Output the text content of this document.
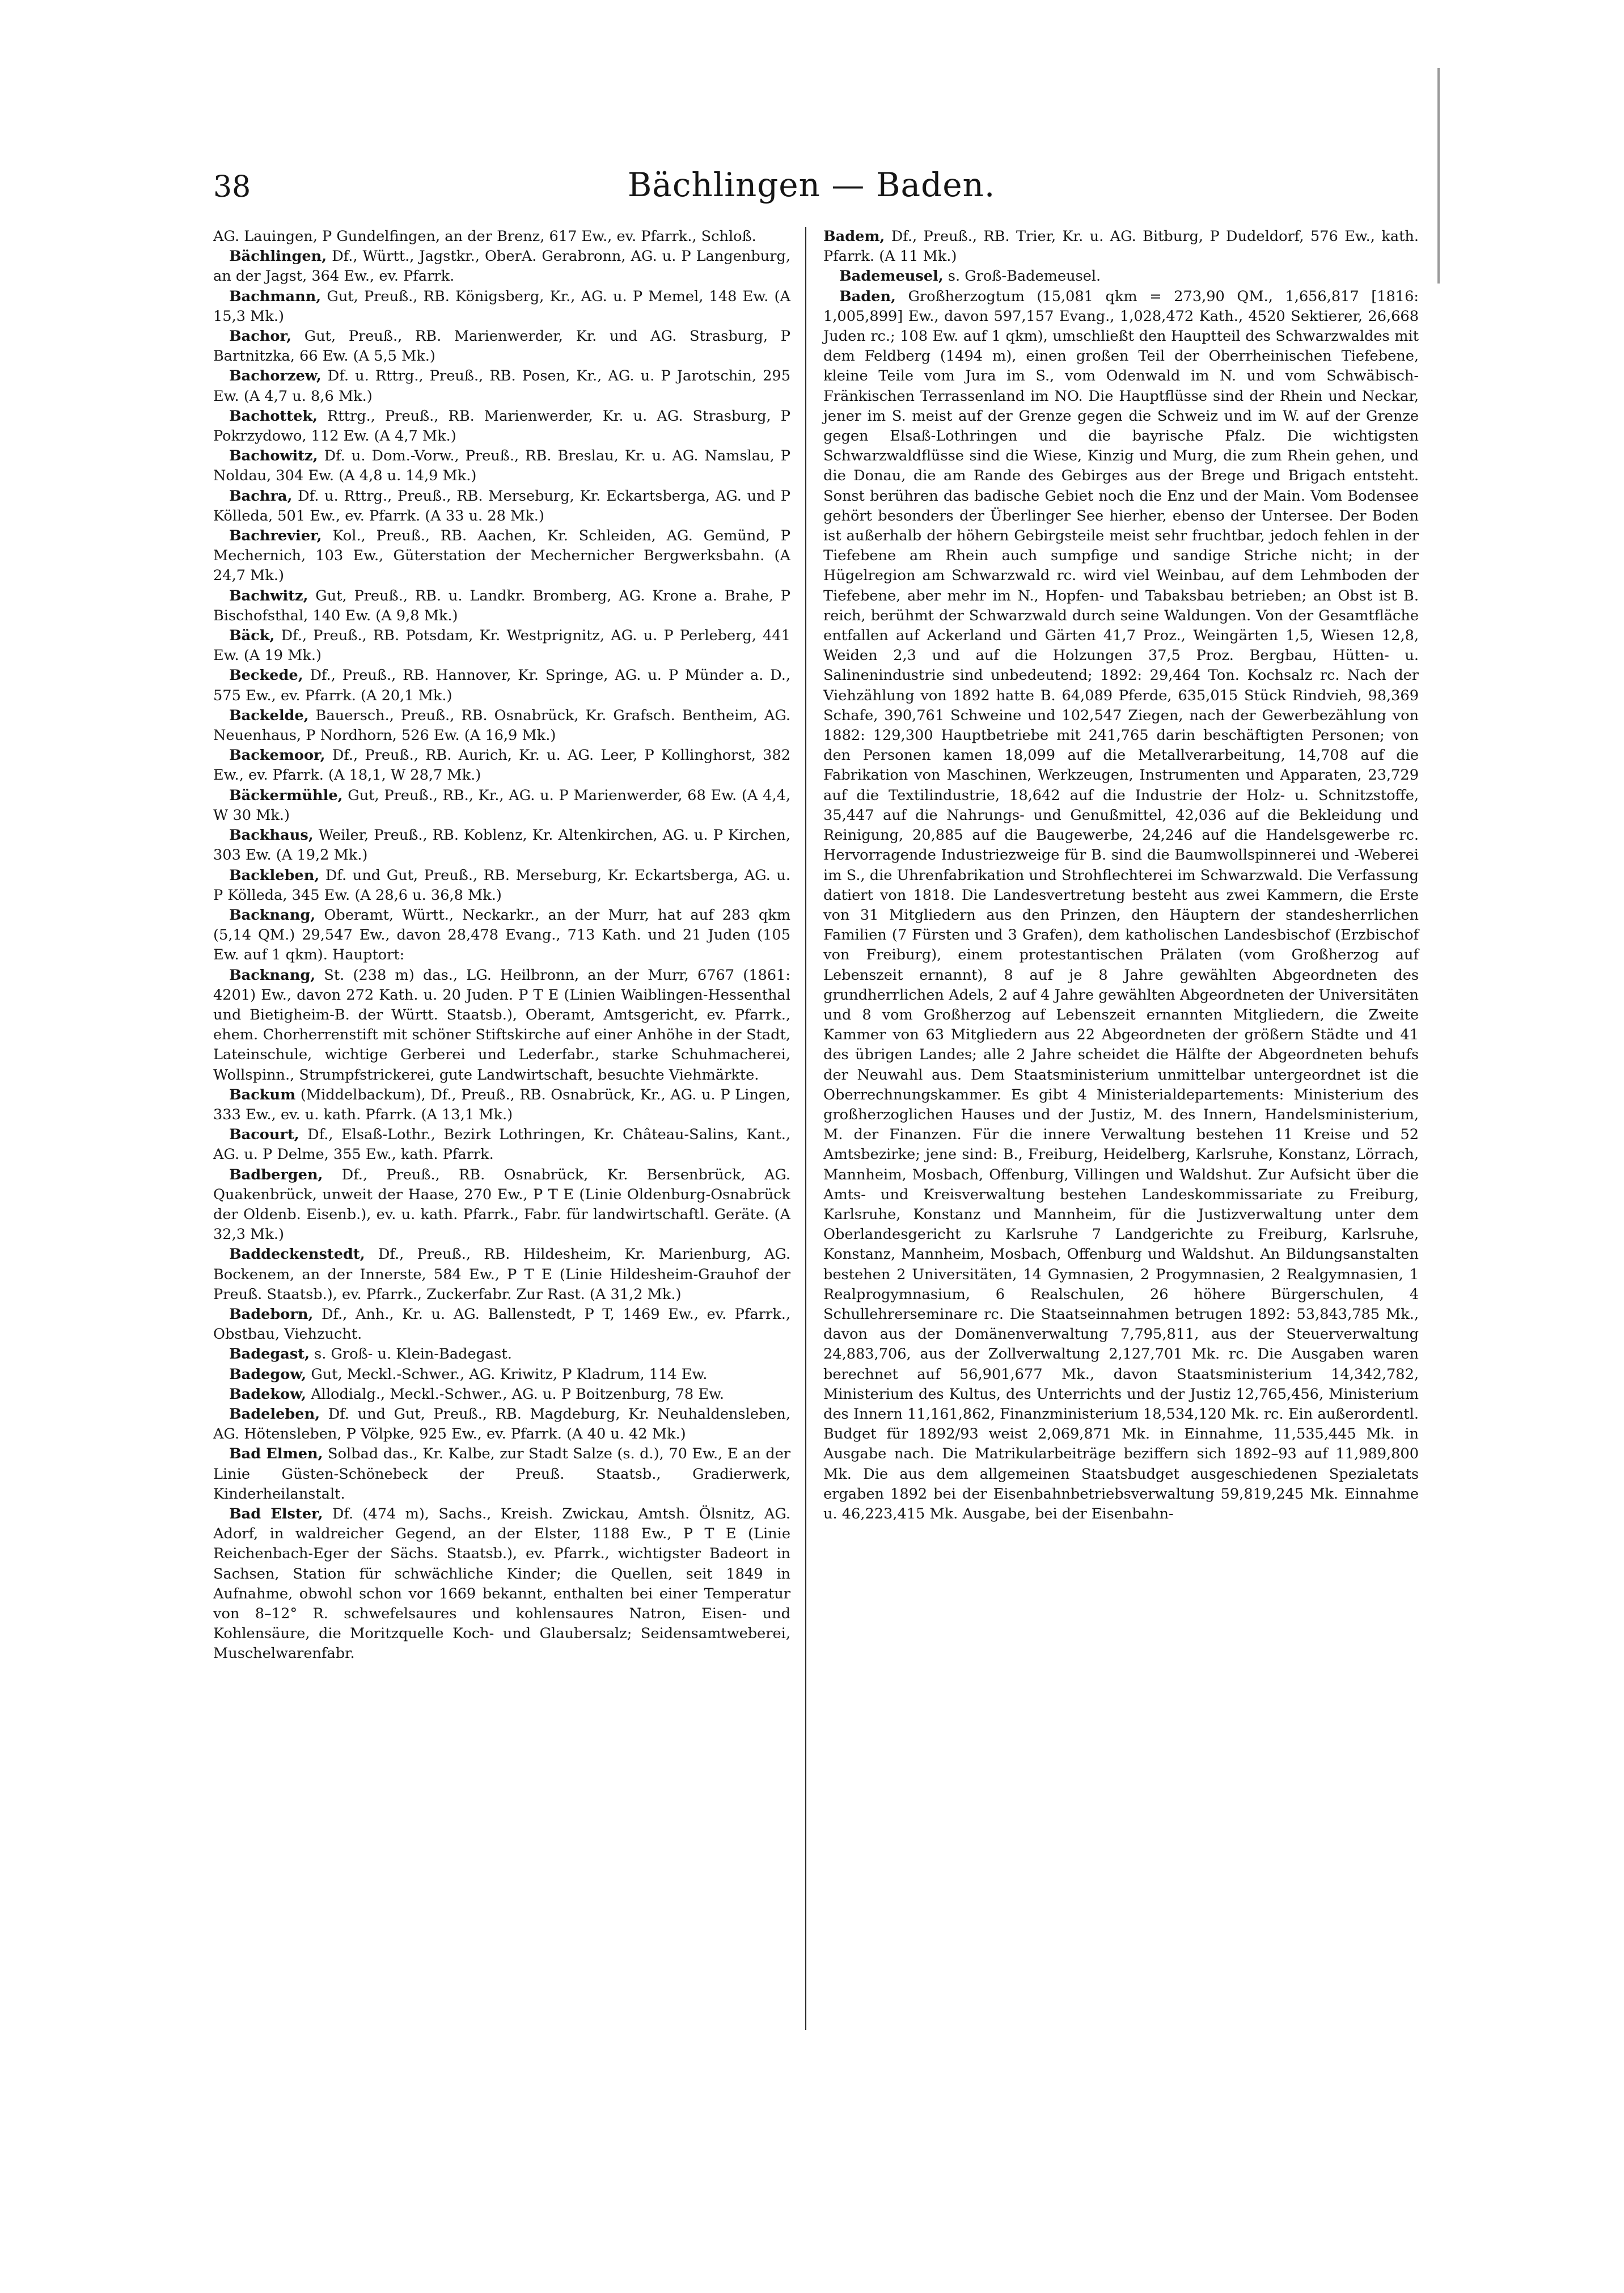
38	Bächlingen — Baden.

AG. Lauingen, P Gundelfingen, an der Brenz, 617 Ew., ev. Pfarrk., Schloß.

Bächlingen, Df., Württ., Jagstkr., OberA. Gerabronn, AG. u. P Langenburg, an der Jagst, 364 Ew., ev. Pfarrk.

Bachmann, Gut, Preuß., RB. Königsberg, Kr., AG. u. P Memel, 148 Ew. (A 15,3 Mk.)

Bachor, Gut, Preuß., RB. Marienwerder, Kr. und AG. Strasburg, P Bartnitzka, 66 Ew. (A 5,5 Mk.)

Bachorzew, Df. u. Rttrg., Preuß., RB. Posen, Kr., AG. u. P Jarotschin, 295 Ew. (A 4,7 u. 8,6 Mk.)

Bachottek, Rttrg., Preuß., RB. Marienwerder, Kr. u. AG. Strasburg, P Pokrzydowo, 112 Ew. (A 4,7 Mk.)

Bachowitz, Df. u. Dom.-Vorw., Preuß., RB. Breslau, Kr. u. AG. Namslau, P Noldau, 304 Ew. (A 4,8 u. 14,9 Mk.)

Bachra, Df. u. Rttrg., Preuß., RB. Merseburg, Kr. Eckartsberga, AG. und P Kölleda, 501 Ew., ev. Pfarrk. (A 33 u. 28 Mk.)

Bachrevier, Kol., Preuß., RB. Aachen, Kr. Schleiden, AG. Gemünd, P Mechernich, 103 Ew., Güterstation der Mechernicher Bergwerksbahn. (A 24,7 Mk.)

Bachwitz, Gut, Preuß., RB. u. Landkr. Bromberg, AG. Krone a. Brahe, P Bischofsthal, 140 Ew. (A 9,8 Mk.)

Bäck, Df., Preuß., RB. Potsdam, Kr. Westprignitz, AG. u. P Perleberg, 441 Ew. (A 19 Mk.)

Beckede, Df., Preuß., RB. Hannover, Kr. Springe, AG. u. P Münder a. D., 575 Ew., ev. Pfarrk. (A 20,1 Mk.)

Backelde, Bauersch., Preuß., RB. Osnabrück, Kr. Grafsch. Bentheim, AG. Neuenhaus, P Nordhorn, 526 Ew. (A 16,9 Mk.)

Backemoor, Df., Preuß., RB. Aurich, Kr. u. AG. Leer, P Kollinghorst, 382 Ew., ev. Pfarrk. (A 18,1, W 28,7 Mk.)

Bäckermühle, Gut, Preuß., RB., Kr., AG. u. P Marienwerder, 68 Ew. (A 4,4, W 30 Mk.)

Backhaus, Weiler, Preuß., RB. Koblenz, Kr. Altenkirchen, AG. u. P Kirchen, 303 Ew. (A 19,2 Mk.)

Backleben, Df. und Gut, Preuß., RB. Merseburg, Kr. Eckartsberga, AG. u. P Kölleda, 345 Ew. (A 28,6 u. 36,8 Mk.)

Backnang, Oberamt, Württ., Neckarkr., an der Murr, hat auf 283 qkm (5,14 QM.) 29,547 Ew., davon 28,478 Evang., 713 Kath. und 21 Juden (105 Ew. auf 1 qkm). Hauptort:

Backnang, St. (238 m) das., LG. Heilbronn, an der Murr, 6767 (1861: 4201) Ew., davon 272 Kath. u. 20 Juden. P T E (Linien Waiblingen-Hessenthal und Bietigheim-B. der Württ. Staatsb.), Oberamt, Amtsgericht, ev. Pfarrk., ehem. Chorherrenstift mit schöner Stiftskirche auf einer Anhöhe in der Stadt, Lateinschule, wichtige Gerberei und Lederfabr., starke Schuhmacherei, Wollspinn., Strumpfstrickerei, gute Landwirtschaft, besuchte Viehmärkte.

Backum (Middelbackum), Df., Preuß., RB. Osnabrück, Kr., AG. u. P Lingen, 333 Ew., ev. u. kath. Pfarrk. (A 13,1 Mk.)

Bacourt, Df., Elsaß-Lothr., Bezirk Lothringen, Kr. Château-Salins, Kant., AG. u. P Delme, 355 Ew., kath. Pfarrk.

Badbergen, Df., Preuß., RB. Osnabrück, Kr. Bersenbrück, AG. Quakenbrück, unweit der Haase, 270 Ew., P T E (Linie Oldenburg-Osnabrück der Oldenb. Eisenb.), ev. u. kath. Pfarrk., Fabr. für landwirtschaftl. Geräte. (A 32,3 Mk.)

Baddeckenstedt, Df., Preuß., RB. Hildesheim, Kr. Marienburg, AG. Bockenem, an der Innerste, 584 Ew., P T E (Linie Hildesheim-Grauhof der Preuß. Staatsb.), ev. Pfarrk., Zuckerfabr. Zur Rast. (A 31,2 Mk.)

Badeborn, Df., Anh., Kr. u. AG. Ballenstedt, P T, 1469 Ew., ev. Pfarrk., Obstbau, Viehzucht.

Badegast, s. Groß- u. Klein-Badegast.

Badegow, Gut, Meckl.-Schwer., AG. Kriwitz, P Kladrum, 114 Ew.

Badekow, Allodialg., Meckl.-Schwer., AG. u. P Boitzenburg, 78 Ew.

Badeleben, Df. und Gut, Preuß., RB. Magdeburg, Kr. Neuhaldensleben, AG. Hötensleben, P Völpke, 925 Ew., ev. Pfarrk. (A 40 u. 42 Mk.)

Bad Elmen, Solbad das., Kr. Kalbe, zur Stadt Salze (s. d.), 70 Ew., E an der Linie Güsten-Schönebeck der Preuß. Staatsb., Gradierwerk, Kinderheilanstalt.

Bad Elster, Df. (474 m), Sachs., Kreish. Zwickau, Amtsh. Ölsnitz, AG. Adorf, in waldreicher Gegend, an der Elster, 1188 Ew., P T E (Linie Reichenbach-Eger der Sächs. Staatsb.), ev. Pfarrk., wichtigster Badeort in Sachsen, Station für schwächliche Kinder; die Quellen, seit 1849 in Aufnahme, obwohl schon vor 1669 bekannt, enthalten bei einer Temperatur von 8–12° R. schwefelsaures und kohlensaures Natron, Eisen- und Kohlensäure, die Moritzquelle Koch- und Glaubersalz; Seidensamtweberei, Muschelwarenfabr.

Badem, Df., Preuß., RB. Trier, Kr. u. AG. Bitburg, P Dudeldorf, 576 Ew., kath. Pfarrk. (A 11 Mk.)

Bademeusel, s. Groß-Bademeusel.

Baden, Großherzogtum (15,081 qkm = 273,90 QM., 1,656,817 [1816: 1,005,899] Ew., davon 597,157 Evang., 1,028,472 Kath., 4520 Sektierer, 26,668 Juden rc.; 108 Ew. auf 1 qkm), umschließt den Hauptteil des Schwarzwaldes mit dem Feldberg (1494 m), einen großen Teil der Oberrheinischen Tiefebene, kleine Teile vom Jura im S., vom Odenwald im N. und vom Schwäbisch-Fränkischen Terrassenland im NO. Die Hauptflüsse sind der Rhein und Neckar, jener im S. meist auf der Grenze gegen die Schweiz und im W. auf der Grenze gegen Elsaß-Lothringen und die bayrische Pfalz. Die wichtigsten Schwarzwaldflüsse sind die Wiese, Kinzig und Murg, die zum Rhein gehen, und die Donau, die am Rande des Gebirges aus der Brege und Brigach entsteht. Sonst berühren das badische Gebiet noch die Enz und der Main. Vom Bodensee gehört besonders der Überlinger See hierher, ebenso der Untersee. Der Boden ist außerhalb der höhern Gebirgsteile meist sehr fruchtbar, jedoch fehlen in der Tiefebene am Rhein auch sumpfige und sandige Striche nicht; in der Hügelregion am Schwarzwald rc. wird viel Weinbau, auf dem Lehmboden der Tiefebene, aber mehr im N., Hopfen- und Tabaksbau betrieben; an Obst ist B. reich, berühmt der Schwarzwald durch seine Waldungen. Von der Gesamtfläche entfallen auf Ackerland und Gärten 41,7 Proz., Weingärten 1,5, Wiesen 12,8, Weiden 2,3 und auf die Holzungen 37,5 Proz. Bergbau, Hütten- u. Salinenindustrie sind unbedeutend; 1892: 29,464 Ton. Kochsalz rc. Nach der Viehzählung von 1892 hatte B. 64,089 Pferde, 635,015 Stück Rindvieh, 98,369 Schafe, 390,761 Schweine und 102,547 Ziegen, nach der Gewerbezählung von 1882: 129,300 Hauptbetriebe mit 241,765 darin beschäftigten Personen; von den Personen kamen 18,099 auf die Metallverarbeitung, 14,708 auf die Fabrikation von Maschinen, Werkzeugen, Instrumenten und Apparaten, 23,729 auf die Textilindustrie, 18,642 auf die Industrie der Holz- u. Schnitzstoffe, 35,447 auf die Nahrungs- und Genußmittel, 42,036 auf die Bekleidung und Reinigung, 20,885 auf die Baugewerbe, 24,246 auf die Handelsgewerbe rc. Hervorragende Industriezweige für B. sind die Baumwollspinnerei und -Weberei im S., die Uhrenfabrikation und Strohflechterei im Schwarzwald. Die Verfassung datiert von 1818. Die Landesvertretung besteht aus zwei Kammern, die Erste von 31 Mitgliedern aus den Prinzen, den Häuptern der standesherrlichen Familien (7 Fürsten und 3 Grafen), dem katholischen Landesbischof (Erzbischof von Freiburg), einem protestantischen Prälaten (vom Großherzog auf Lebenszeit ernannt), 8 auf je 8 Jahre gewählten Abgeordneten des grundherrlichen Adels, 2 auf 4 Jahre gewählten Abgeordneten der Universitäten und 8 vom Großherzog auf Lebenszeit ernannten Mitgliedern, die Zweite Kammer von 63 Mitgliedern aus 22 Abgeordneten der größern Städte und 41 des übrigen Landes; alle 2 Jahre scheidet die Hälfte der Abgeordneten behufs der Neuwahl aus. Dem Staatsministerium unmittelbar untergeordnet ist die Oberrechnungskammer. Es gibt 4 Ministerialdepartements: Ministerium des großherzoglichen Hauses und der Justiz, M. des Innern, Handelsministerium, M. der Finanzen. Für die innere Verwaltung bestehen 11 Kreise und 52 Amtsbezirke; jene sind: B., Freiburg, Heidelberg, Karlsruhe, Konstanz, Lörrach, Mannheim, Mosbach, Offenburg, Villingen und Waldshut. Zur Aufsicht über die Amts- und Kreisverwaltung bestehen Landeskommissariate zu Freiburg, Karlsruhe, Konstanz und Mannheim, für die Justizverwaltung unter dem Oberlandesgericht zu Karlsruhe 7 Landgerichte zu Freiburg, Karlsruhe, Konstanz, Mannheim, Mosbach, Offenburg und Waldshut. An Bildungsanstalten bestehen 2 Universitäten, 14 Gymnasien, 2 Progymnasien, 2 Realgymnasien, 1 Realprogymnasium, 6 Realschulen, 26 höhere Bürgerschulen, 4 Schullehrerseminare rc. Die Staatseinnahmen betrugen 1892: 53,843,785 Mk., davon aus der Domänenverwaltung 7,795,811, aus der Steuerverwaltung 24,883,706, aus der Zollverwaltung 2,127,701 Mk. rc. Die Ausgaben waren berechnet auf 56,901,677 Mk., davon Staatsministerium 14,342,782, Ministerium des Kultus, des Unterrichts und der Justiz 12,765,456, Ministerium des Innern 11,161,862, Finanzministerium 18,534,120 Mk. rc. Ein außerordentl. Budget für 1892/93 weist 2,069,871 Mk. in Einnahme, 11,535,445 Mk. in Ausgabe nach. Die Matrikularbeiträge beziffern sich 1892–93 auf 11,989,800 Mk. Die aus dem allgemeinen Staatsbudget ausgeschiedenen Spezialetats ergaben 1892 bei der Eisenbahnbetriebsverwaltung 59,819,245 Mk. Einnahme u. 46,223,415 Mk. Ausgabe, bei der Eisenbahn-
